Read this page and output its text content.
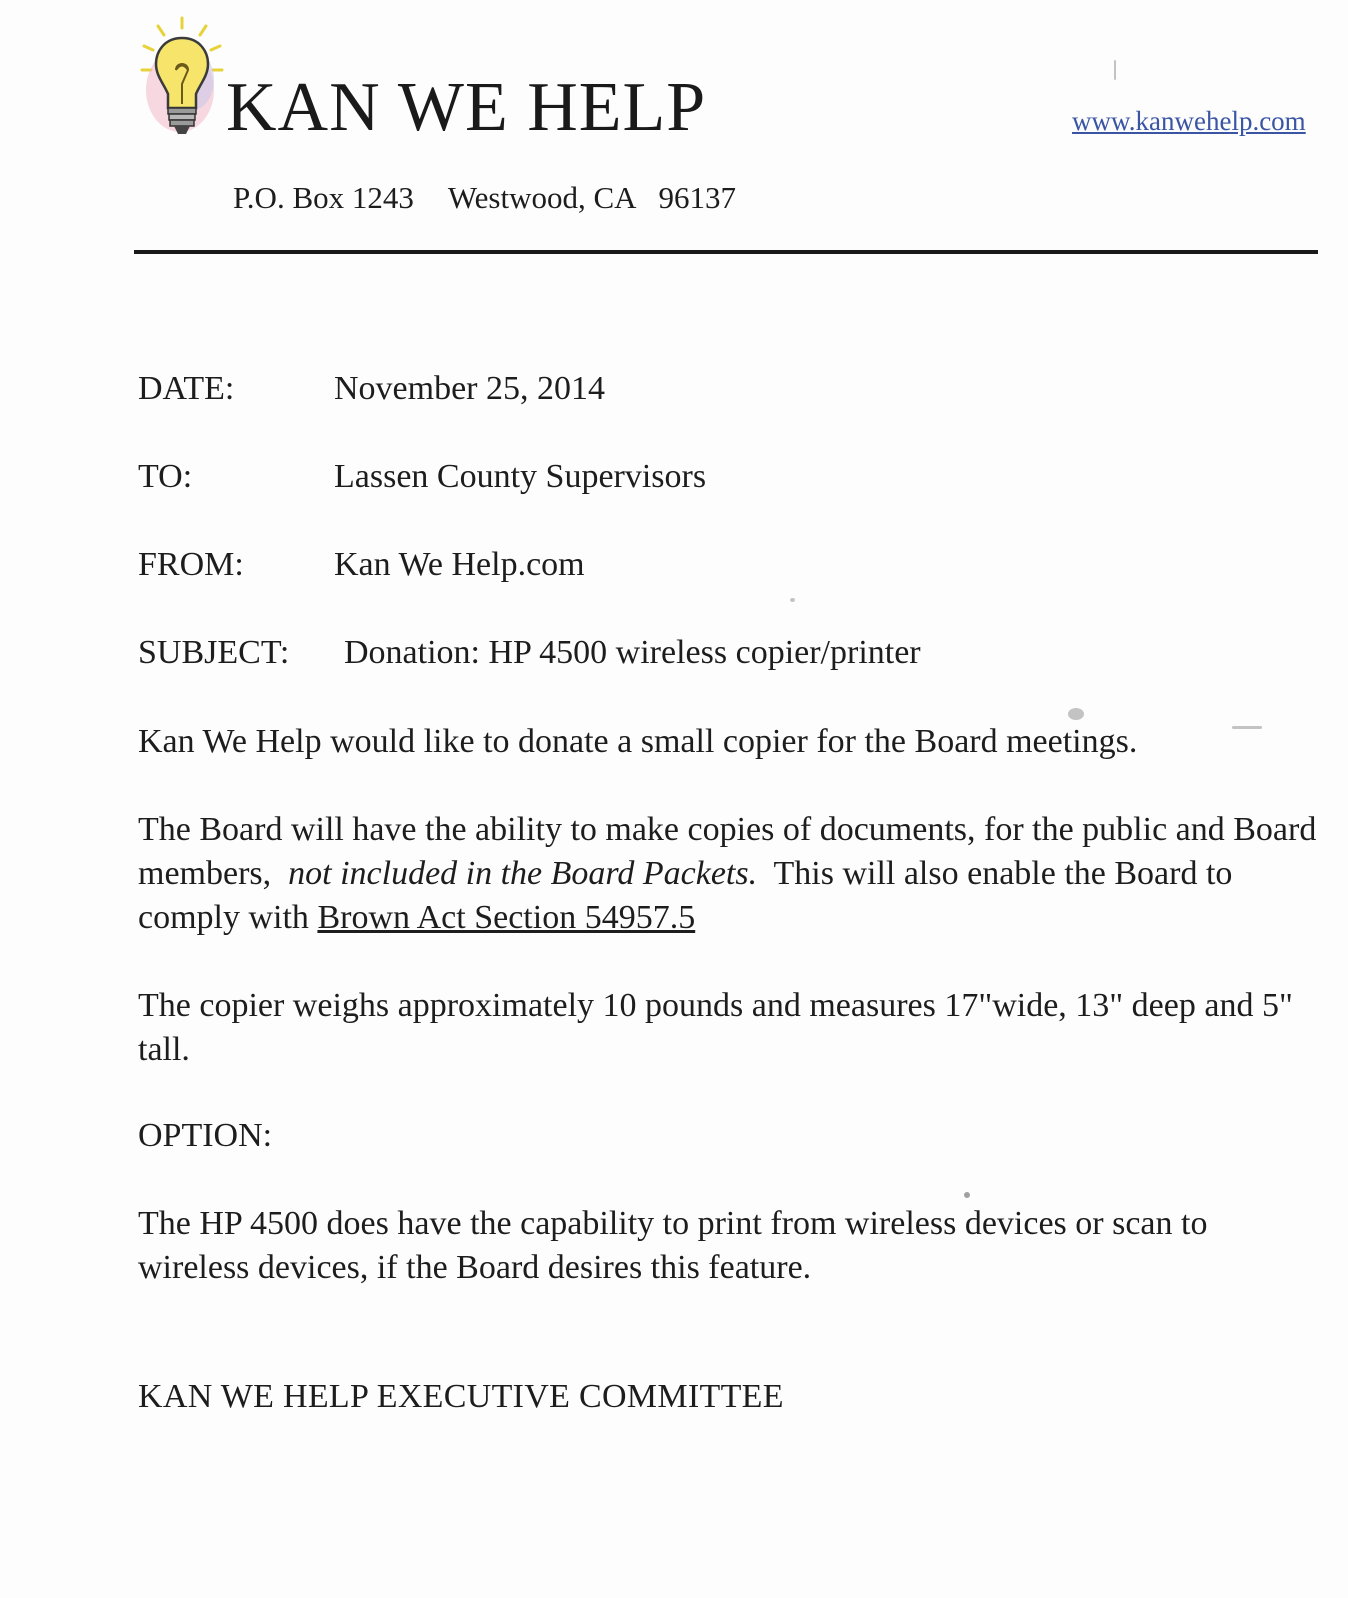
KAN WE HELP	www.kanwehelp.com
P.O. Box 1243 Westwood, CA 96137
DATE:	November 25, 2014
TO:	Lassen County Supervisors
FROM:	Kan We Help.com
SUBJECT: Donation: HP 4500 wireless copier/printer

Kan We Help would like to donate a small copier for the Board meetings.

The Board will have the ability to make copies of documents, for the public and Board members, not included in the Board Packets. This will also enable the Board to comply with Brown Act Section 54957.5

The copier weighs approximately 10 pounds and measures 17"wide, 13" deep and 5" tall.

OPTION:

The HP 4500 does have the capability to print from wireless devices or scan to wireless devices, if the Board desires this feature.

KAN WE HELP EXECUTIVE COMMITTEE
